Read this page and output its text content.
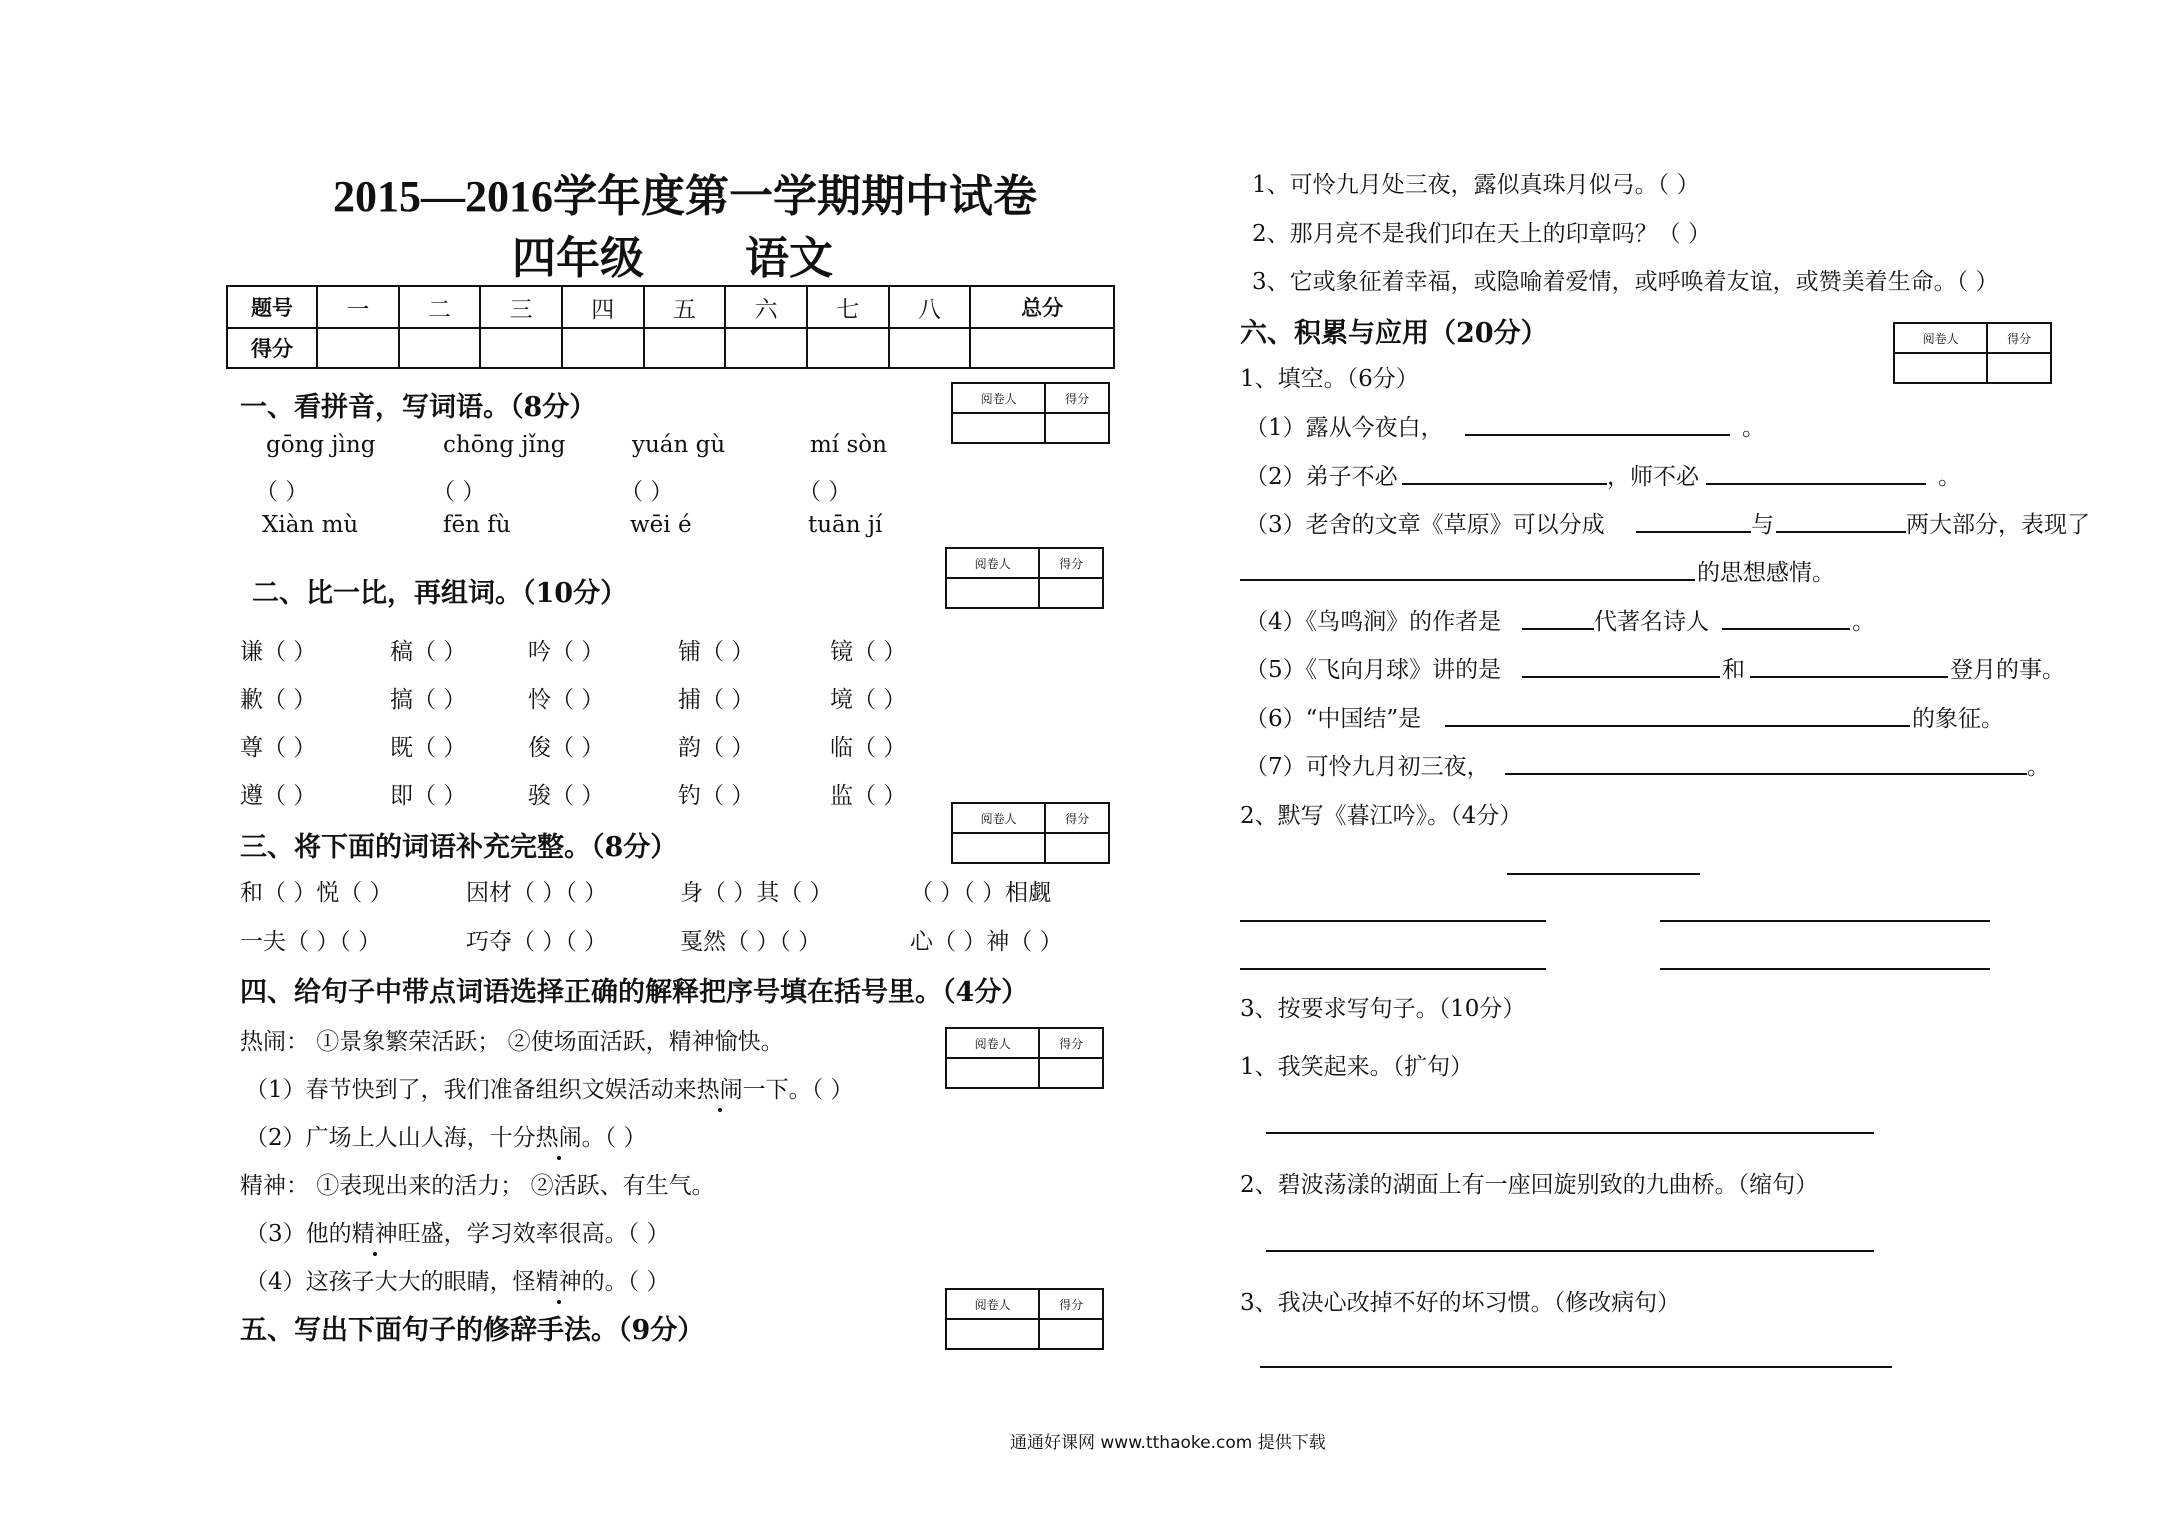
2015—2016学年度第一学期期中试卷
四年级 语文
题号	一	二	三	四	五	六	七	八	总分
得分									
阅卷人	得分

阅卷人	得分

阅卷人	得分

阅卷人	得分

阅卷人	得分

一、看拼音，写词语。（8分）
gōng jìng	chōng jǐng	yuán gù	mí sòn
（ ）	（ ）	（ ）	（ ）
Xiàn mù	fēn fù	wēi é	tuān jí
二、比一比，再组词。（10分）
谦（ ）	稿（ ）	吟（ ）	铺（ ）	镜（ ）
歉（ ）	搞（ ）	怜（ ）	捕（ ）	境（ ）
尊（ ）	既（ ）	俊（ ）	韵（ ）	临（ ）
遵（ ）	即（ ）	骏（ ）	钓（ ）	监（ ）
三、将下面的词语补充完整。（8分）
和（ ）悦（ ）	因材（ ）（ ）	身（ ）其（ ）	（ ）（ ）相觑
一夫（ ）（ ）	巧夺（ ）（ ）	戛然（ ）（ ）	心（ ）神（ ）
四、给句子中带点词语选择正确的解释把序号填在括号里。（4分）
热闹： ①景象繁荣活跃； ②使场面活跃，精神愉快。
（1）春节快到了，我们准备组织文娱活动来热闹一下。（ ）
（2）广场上人山人海，十分热闹。（ ）
精神： ①表现出来的活力； ②活跃、有生气。
（3）他的精神旺盛，学习效率很高。（ ）
（4）这孩子大大的眼睛，怪精神的。（ ）
五、写出下面句子的修辞手法。（9分）
1、可怜九月处三夜，露似真珠月似弓。（ ）
2、那月亮不是我们印在天上的印章吗？（ ）
3、它或象征着幸福，或隐喻着爱情，或呼唤着友谊，或赞美着生命。（ ）
六、积累与应用（20分）	阅卷人	得分

1、填空。（6分）
（1）露从今夜白，	。
（2）弟子不必	，师不必	。
（3）老舍的文章《草原》可以分成	与	两大部分，表现了
的思想感情。
（4）《鸟鸣涧》的作者是	代著名诗人	。
（5）《飞向月球》讲的是	和	登月的事。
（6）“中国结”是	的象征。
（7）可怜九月初三夜，	。
2、默写《暮江吟》。（4分）
3、按要求写句子。（10分）
1、我笑起来。（扩句）
2、碧波荡漾的湖面上有一座回旋别致的九曲桥。（缩句）
3、我决心改掉不好的坏习惯。（修改病句）
通通好课网 www.tthaoke.com 提供下载
